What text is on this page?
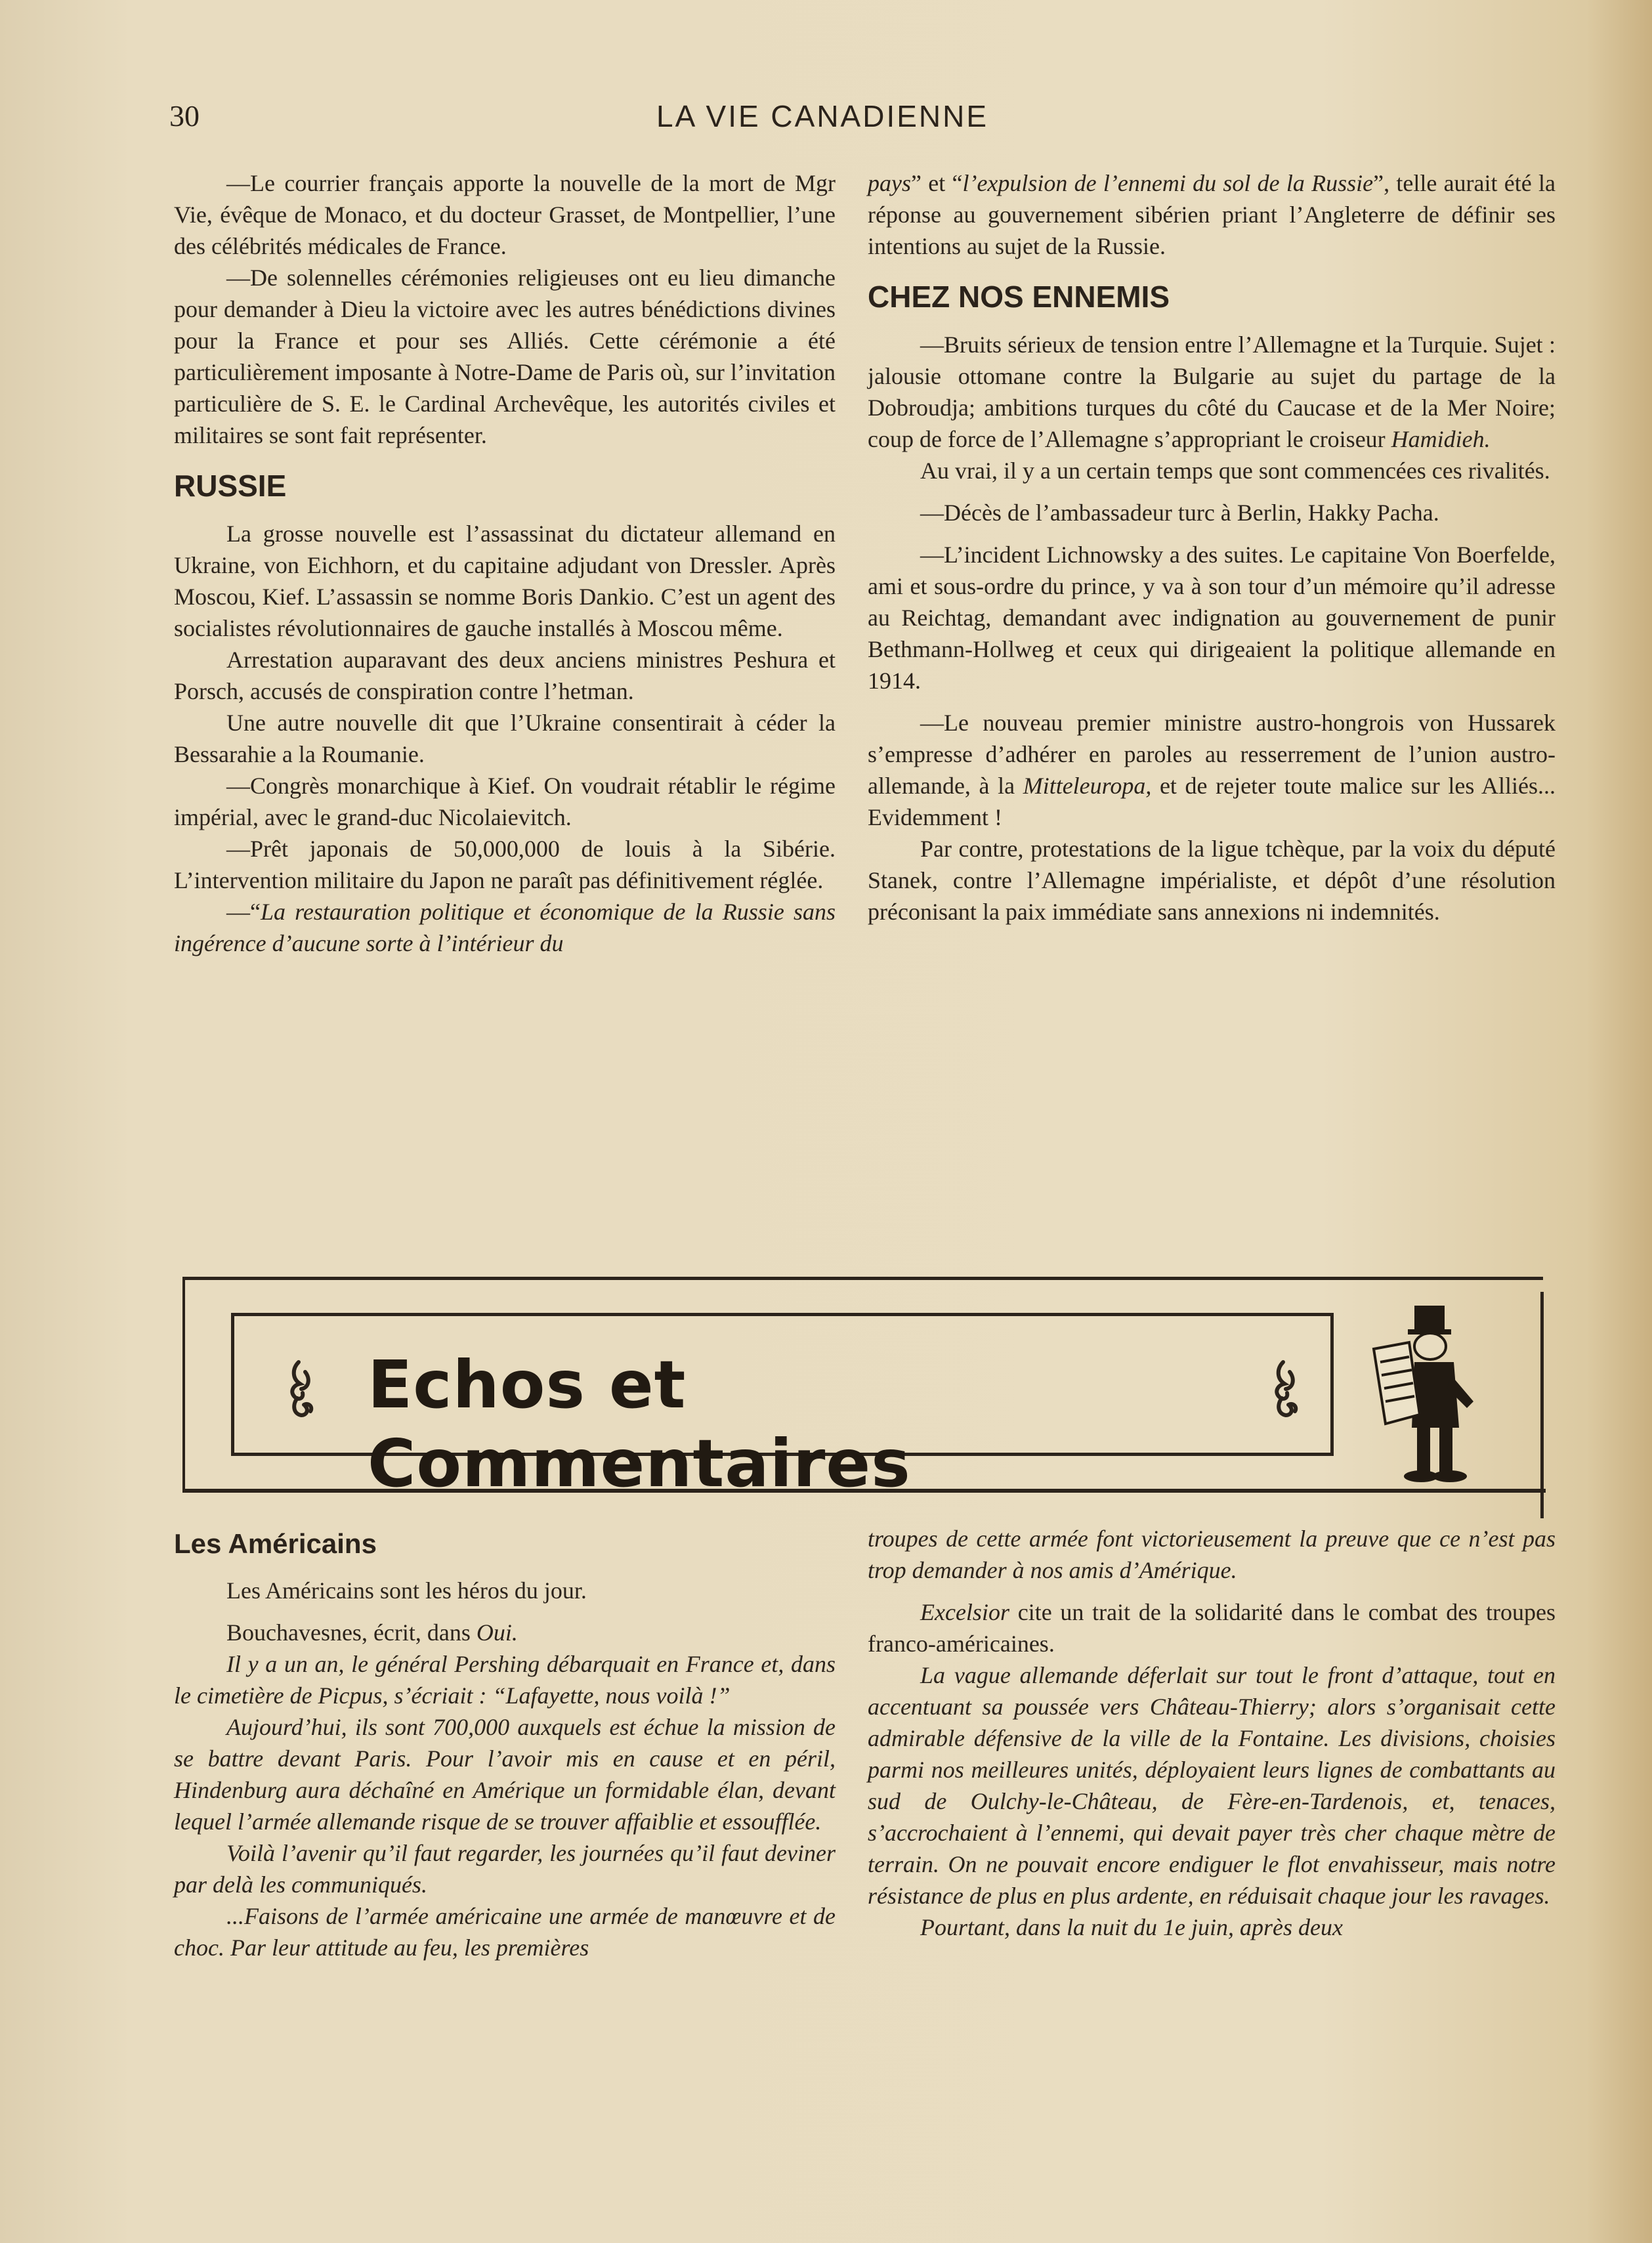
30	LA VIE CANADIENNE

—Le courrier français apporte la nouvelle de la mort de Mgr Vie, évêque de Monaco, et du docteur Grasset, de Montpellier, l’une des célébrités médicales de France.

—De solennelles cérémonies religieuses ont eu lieu dimanche pour demander à Dieu la victoire avec les autres bénédictions divines pour la France et pour ses Alliés. Cette cérémonie a été particulièrement imposante à Notre-Dame de Paris où, sur l’invitation particulière de S. E. le Cardinal Archevêque, les autorités civiles et militaires se sont fait représenter.

RUSSIE

La grosse nouvelle est l’assassinat du dictateur allemand en Ukraine, von Eichhorn, et du capitaine adjudant von Dressler. Après Moscou, Kief. L’assassin se nomme Boris Dankio. C’est un agent des socialistes révolutionnaires de gauche installés à Moscou même.

Arrestation auparavant des deux anciens ministres Peshura et Porsch, accusés de conspiration contre l’hetman.

Une autre nouvelle dit que l’Ukraine consentirait à céder la Bessarahie a la Roumanie.

—Congrès monarchique à Kief. On voudrait rétablir le régime impérial, avec le grand-duc Nicolaievitch.

—Prêt japonais de 50,000,000 de louis à la Sibérie. L’intervention militaire du Japon ne paraît pas définitivement réglée.

—“La restauration politique et économique de la Russie sans ingérence d’aucune sorte à l’intérieur du

pays” et “l’expulsion de l’ennemi du sol de la Russie”, telle aurait été la réponse au gouvernement sibérien priant l’Angleterre de définir ses intentions au sujet de la Russie.

CHEZ NOS ENNEMIS

—Bruits sérieux de tension entre l’Allemagne et la Turquie. Sujet : jalousie ottomane contre la Bulgarie au sujet du partage de la Dobroudja; ambitions turques du côté du Caucase et de la Mer Noire; coup de force de l’Allemagne s’appropriant le croiseur Hamidieh.

Au vrai, il y a un certain temps que sont commencées ces rivalités.

—Décès de l’ambassadeur turc à Berlin, Hakky Pacha.

—L’incident Lichnowsky a des suites. Le capitaine Von Boerfelde, ami et sous-ordre du prince, y va à son tour d’un mémoire qu’il adresse au Reichtag, demandant avec indignation au gouvernement de punir Bethmann-Hollweg et ceux qui dirigeaient la politique allemande en 1914.

—Le nouveau premier ministre austro-hongrois von Hussarek s’empresse d’adhérer en paroles au resserrement de l’union austro-allemande, à la Mitteleuropa, et de rejeter toute malice sur les Alliés... Evidemment !

Par contre, protestations de la ligue tchèque, par la voix du député Stanek, contre l’Allemagne impérialiste, et dépôt d’une résolution préconisant la paix immédiate sans annexions ni indemnités.

Echos et Commentaires
Les Américains

Les Américains sont les héros du jour.

Bouchavesnes, écrit, dans Oui.

Il y a un an, le général Pershing débarquait en France et, dans le cimetière de Picpus, s’écriait : “Lafayette, nous voilà !”

Aujourd’hui, ils sont 700,000 auxquels est échue la mission de se battre devant Paris. Pour l’avoir mis en cause et en péril, Hindenburg aura déchaîné en Amérique un formidable élan, devant lequel l’armée allemande risque de se trouver affaiblie et essoufflée.

Voilà l’avenir qu’il faut regarder, les journées qu’il faut deviner par delà les communiqués.

...Faisons de l’armée américaine une armée de manœuvre et de choc. Par leur attitude au feu, les premières

troupes de cette armée font victorieusement la preuve que ce n’est pas trop demander à nos amis d’Amérique.

Excelsior cite un trait de la solidarité dans le combat des troupes franco-américaines.

La vague allemande déferlait sur tout le front d’attaque, tout en accentuant sa poussée vers Château-Thierry; alors s’organisait cette admirable défensive de la ville de la Fontaine. Les divisions, choisies parmi nos meilleures unités, déployaient leurs lignes de combattants au sud de Oulchy-le-Château, de Fère-en-Tardenois, et, tenaces, s’accrochaient à l’ennemi, qui devait payer très cher chaque mètre de terrain. On ne pouvait encore endiguer le flot envahisseur, mais notre résistance de plus en plus ardente, en réduisait chaque jour les ravages.

Pourtant, dans la nuit du 1e juin, après deux
